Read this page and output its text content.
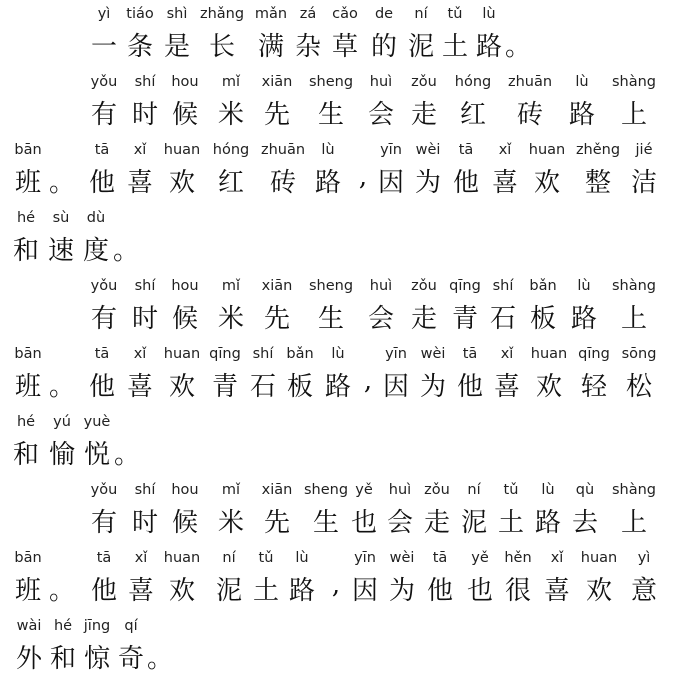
yì
一
tiáo
条
shì
是
zhǎng
长
mǎn
满
zá
杂
cǎo
草
de
的
ní
泥
tǔ
土
lù
路 。
yǒu
有
shí
时
hou
候
mǐ
米
xiān
先
sheng
生
huì
会
zǒu
走
hóng
红
zhuān
砖
lù
路
shàng
上
bān
班 。
tā
他
xǐ
喜
huan
欢
hóng
红
zhuān
砖
lù
路 ,
yīn
因
wèi
为
tā
他
xǐ
喜
huan
欢
zhěng
整
jié
洁
hé
和
sù
速
dù
度 。
yǒu
有
shí
时
hou
候
mǐ
米
xiān
先
sheng
生
huì
会
zǒu
走
qīng
青
shí
石
bǎn
板
lù
路
shàng
上
bān
班 。
tā
他
xǐ
喜
huan
欢
qīng
青
shí
石
bǎn
板
lù
路 ,
yīn
因
wèi
为
tā
他
xǐ
喜
huan
欢
qīng
轻
sōng
松
hé
和
yú
愉
yuè
悦 。
yǒu
有
shí
时
hou
候
mǐ
米
xiān
先
sheng
生
yě
也
huì
会
zǒu
走
ní
泥
tǔ
土
lù
路
qù
去
shàng
上
bān
班 。
tā
他
xǐ
喜
huan
欢
ní
泥
tǔ
土
lù
路 ,
yīn
因
wèi
为
tā
他
yě
也
hěn
很
xǐ
喜
huan
欢
yì
意
wài
外
hé
和
jīng
惊
qí
奇 。
